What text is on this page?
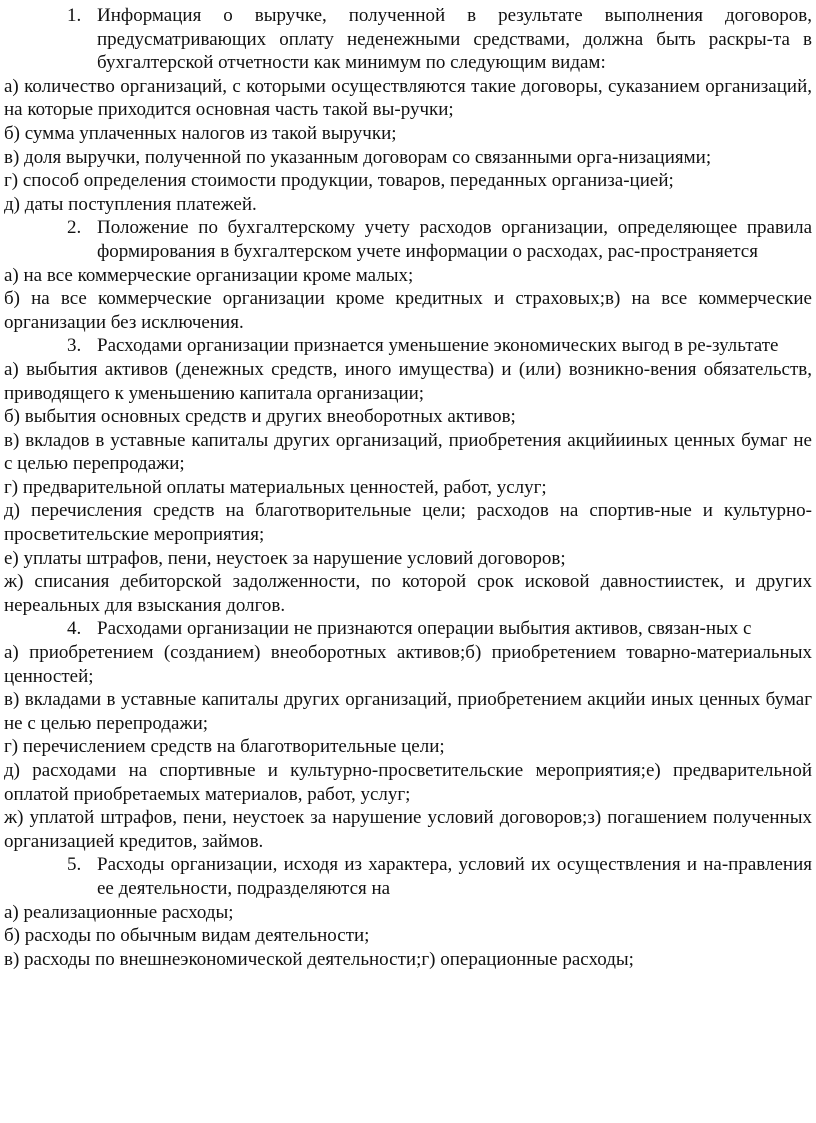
1. Информация о выручке, полученной в результате выполнения договоров, предусматривающих оплату неденежными средствами, должна быть раскры-та в бухгалтерской отчетности как минимум по следующим видам:

а) количество организаций, с которыми осуществляются такие договоры, суказанием организаций, на которые приходится основная часть такой вы-ручки;

б) сумма уплаченных налогов из такой выручки;

в) доля выручки, полученной по указанным договорам со связанными орга-низациями;

г) способ определения стоимости продукции, товаров, переданных организа-цией;

д) даты поступления платежей.

2. Положение по бухгалтерскому учету расходов организации, определяющее правила формирования в бухгалтерском учете информации о расходах, рас-пространяется

а) на все коммерческие организации кроме малых;

б) на все коммерческие организации кроме кредитных и страховых;в) на все коммерческие организации без исключения.

3. Расходами организации признается уменьшение экономических выгод в ре-зультате

а) выбытия активов (денежных средств, иного имущества) и (или) возникно-вения обязательств, приводящего к уменьшению капитала организации;

б) выбытия основных средств и других внеоборотных активов;

в) вкладов в уставные капиталы других организаций, приобретения акцийииных ценных бумаг не с целью перепродажи;

г) предварительной оплаты материальных ценностей, работ, услуг;

д) перечисления средств на благотворительные цели; расходов на спортив-ные и культурно-просветительские мероприятия;

е) уплаты штрафов, пени, неустоек за нарушение условий договоров;

ж) списания дебиторской задолженности, по которой срок исковой давностиистек, и других нереальных для взыскания долгов.

4. Расходами организации не признаются операции выбытия активов, связан-ных с

а) приобретением (созданием) внеоборотных активов;б) приобретением товарно-материальных ценностей;

в) вкладами в уставные капиталы других организаций, приобретением акцийи иных ценных бумаг не с целью перепродажи;

г) перечислением средств на благотворительные цели;

д) расходами на спортивные и культурно-просветительские мероприятия;е) предварительной оплатой приобретаемых материалов, работ, услуг;

ж) уплатой штрафов, пени, неустоек за нарушение условий договоров;з) погашением полученных организацией кредитов, займов.

5. Расходы организации, исходя из характера, условий их осуществления и на-правления ее деятельности, подразделяются на

а) реализационные расходы;

б) расходы по обычным видам деятельности;

в) расходы по внешнеэкономической деятельности;г) операционные расходы;
